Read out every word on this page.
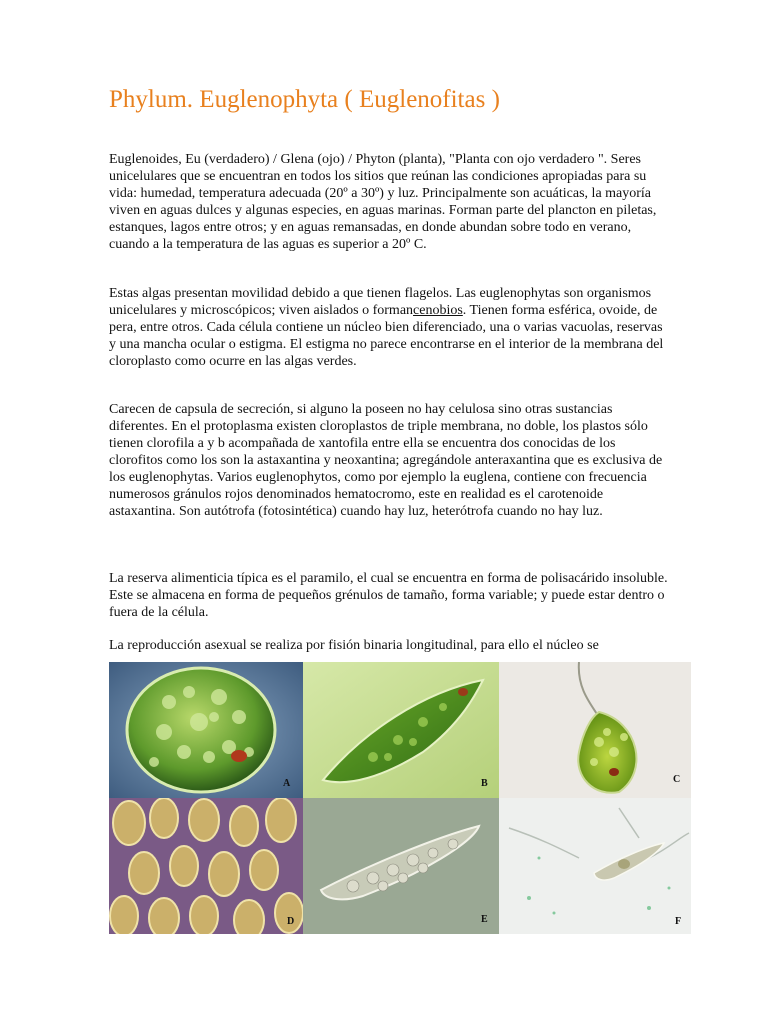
Phylum. Euglenophyta ( Euglenofitas )

Euglenoides, Eu (verdadero) / Glena (ojo) / Phyton (planta), "Planta con ojo verdadero ". Seres unicelulares que se encuentran en todos los sitios que reúnan las condiciones apropiadas para su vida: humedad, temperatura adecuada (20º a 30º) y luz. Principalmente son acuáticas, la mayoría viven en aguas dulces y algunas especies, en aguas marinas. Forman parte del plancton en piletas, estanques, lagos entre otros; y en aguas remansadas, en donde abundan sobre todo en verano, cuando a la temperatura de las aguas es superior a 20º C.

Estas algas presentan movilidad debido a que tienen flagelos. Las euglenophytas son organismos unicelulares y microscópicos; viven aislados o formancenobios. Tienen forma esférica, ovoide, de pera, entre otros. Cada célula contiene un núcleo bien diferenciado, una o varias vacuolas, reservas y una mancha ocular o estigma. El estigma no parece encontrarse en el interior de la membrana del cloroplasto como ocurre en las algas verdes.

Carecen de capsula de secreción, si alguno la poseen no hay celulosa sino otras sustancias diferentes. En el protoplasma existen cloroplastos de triple membrana, no doble, los plastos sólo tienen clorofila a y b acompañada de xantofila entre ella se encuentra dos conocidas de los clorofitos como los son la astaxantina y neoxantina; agregándole anteraxantina que es exclusiva de los euglenophytas. Varios euglenophytos, como por ejemplo la euglena, contiene con frecuencia numerosos gránulos rojos denominados hematocromo, este en realidad es el carotenoide astaxantina. Son autótrofa (fotosintética) cuando hay luz, heterótrofa cuando no hay luz.

La reserva alimenticia típica es el paramilo, el cual se encuentra en forma de polisacárido insoluble. Este se almacena en forma de pequeños grénulos de tamaño, forma variable; y puede estar dentro o fuera de la célula.

La reproducción asexual se realiza por fisión binaria longitudinal, para ello el núcleo se

A	B	C
D	E	F
